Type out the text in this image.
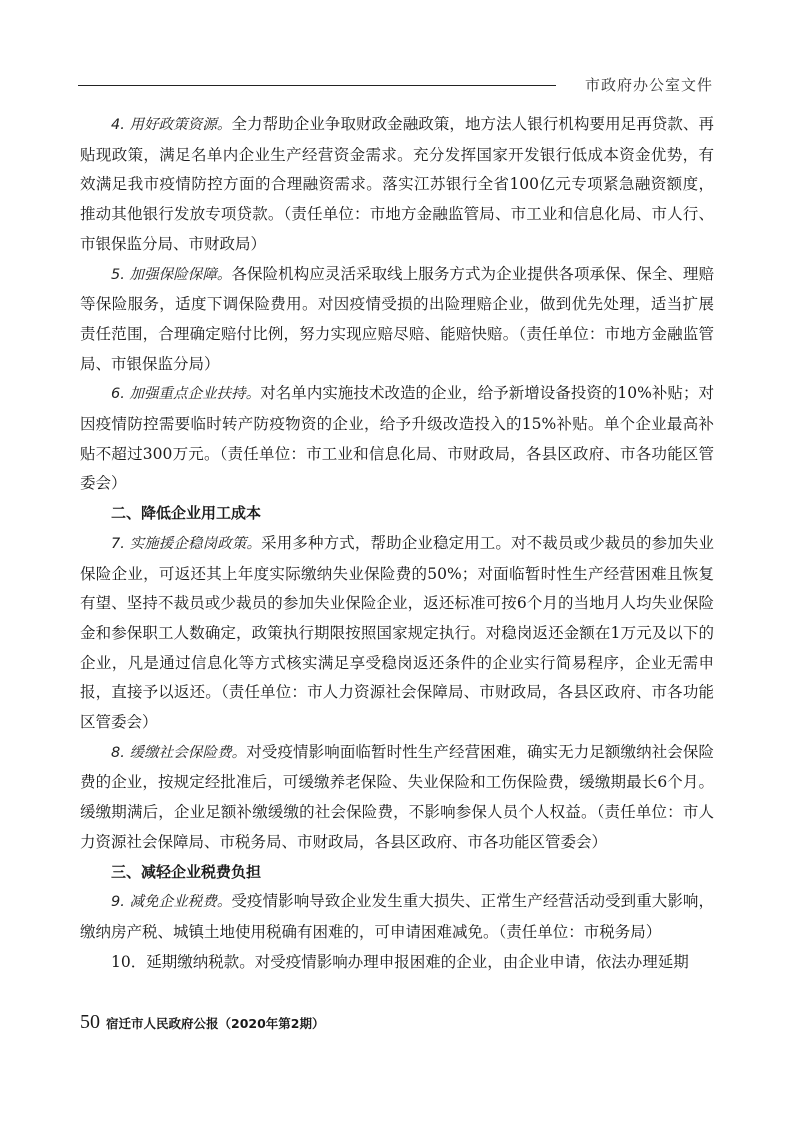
市政府办公室文件

4. 用好政策资源。全力帮助企业争取财政金融政策，地方法人银行机构要用足再贷款、再贴现政策，满足名单内企业生产经营资金需求。充分发挥国家开发银行低成本资金优势，有效满足我市疫情防控方面的合理融资需求。落实江苏银行全省100亿元专项紧急融资额度，推动其他银行发放专项贷款。（责任单位：市地方金融监管局、市工业和信息化局、市人行、市银保监分局、市财政局）

5. 加强保险保障。各保险机构应灵活采取线上服务方式为企业提供各项承保、保全、理赔等保险服务，适度下调保险费用。对因疫情受损的出险理赔企业，做到优先处理，适当扩展责任范围，合理确定赔付比例，努力实现应赔尽赔、能赔快赔。（责任单位：市地方金融监管局、市银保监分局）

6. 加强重点企业扶持。对名单内实施技术改造的企业，给予新增设备投资的10%补贴；对因疫情防控需要临时转产防疫物资的企业，给予升级改造投入的15%补贴。单个企业最高补贴不超过300万元。（责任单位：市工业和信息化局、市财政局，各县区政府、市各功能区管委会）

二、降低企业用工成本

7. 实施援企稳岗政策。采用多种方式，帮助企业稳定用工。对不裁员或少裁员的参加失业保险企业，可返还其上年度实际缴纳失业保险费的50%；对面临暂时性生产经营困难且恢复有望、坚持不裁员或少裁员的参加失业保险企业，返还标准可按6个月的当地月人均失业保险金和参保职工人数确定，政策执行期限按照国家规定执行。对稳岗返还金额在1万元及以下的企业，凡是通过信息化等方式核实满足享受稳岗返还条件的企业实行简易程序，企业无需申报，直接予以返还。（责任单位：市人力资源社会保障局、市财政局，各县区政府、市各功能区管委会）

8. 缓缴社会保险费。对受疫情影响面临暂时性生产经营困难，确实无力足额缴纳社会保险费的企业，按规定经批准后，可缓缴养老保险、失业保险和工伤保险费，缓缴期最长6个月。缓缴期满后，企业足额补缴缓缴的社会保险费，不影响参保人员个人权益。（责任单位：市人力资源社会保障局、市税务局、市财政局，各县区政府、市各功能区管委会）

三、减轻企业税费负担

9. 减免企业税费。受疫情影响导致企业发生重大损失、正常生产经营活动受到重大影响，缴纳房产税、城镇土地使用税确有困难的，可申请困难减免。（责任单位：市税务局）

10．延期缴纳税款。对受疫情影响办理申报困难的企业，由企业申请，依法办理延期

50 宿迁市人民政府公报（2020年第2期）
